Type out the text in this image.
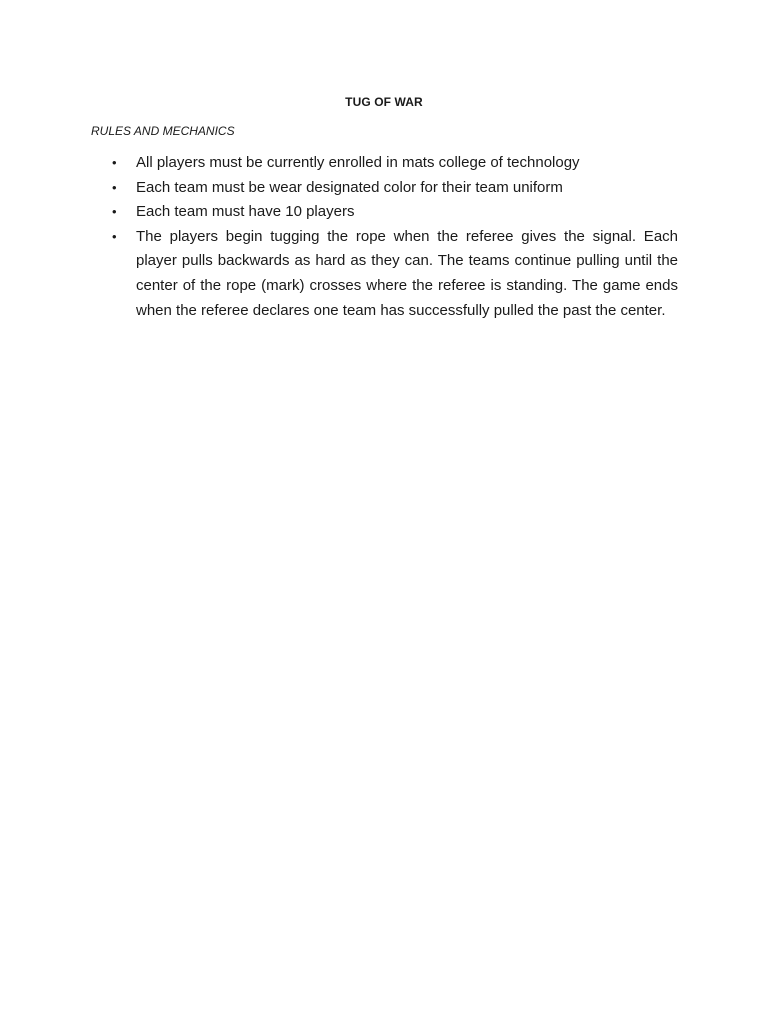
TUG OF WAR
RULES AND MECHANICS
• All players must be currently enrolled in mats college of technology
• Each team must be wear designated color for their team uniform
• Each team must have 10 players
• The players begin tugging the rope when the referee gives the signal. Each player pulls backwards as hard as they can. The teams continue pulling until the center of the rope (mark) crosses where the referee is standing. The game ends when the referee declares one team has successfully pulled the past the center.
